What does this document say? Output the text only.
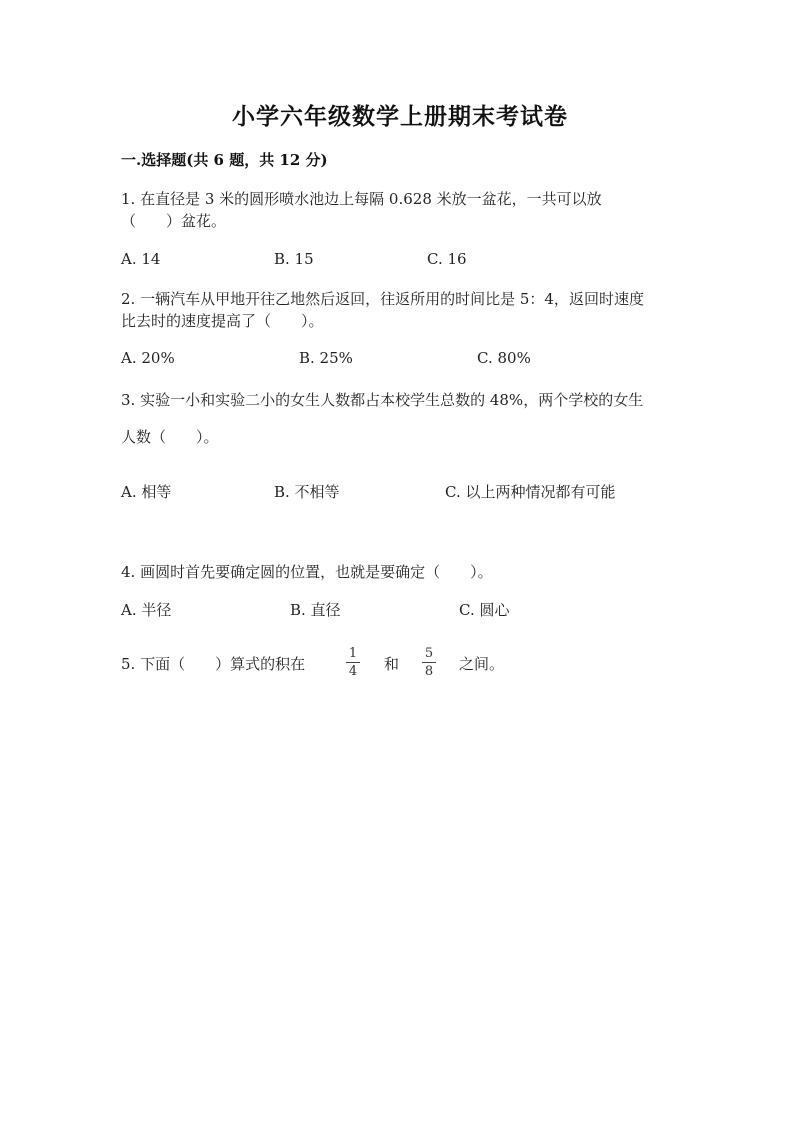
小学六年级数学上册期末考试卷
一.选择题(共 6 题，共 12 分)
1. 在直径是 3 米的圆形喷水池边上每隔 0.628 米放一盆花，一共可以放
（　　）盆花。
A. 14	B. 15	C. 16
2. 一辆汽车从甲地开往乙地然后返回，往返所用的时间比是 5：4，返回时速度
比去时的速度提高了（　　）。
A. 20%	B. 25%	C. 80%
3. 实验一小和实验二小的女生人数都占本校学生总数的 48%，两个学校的女生
人数（　　）。
A. 相等	B. 不相等	C. 以上两种情况都有可能
4. 画圆时首先要确定圆的位置，也就是要确定（　　）。
A. 半径	B. 直径	C. 圆心
5. 下面（　　）算式的积在
1
4 和
5
8 之间。
